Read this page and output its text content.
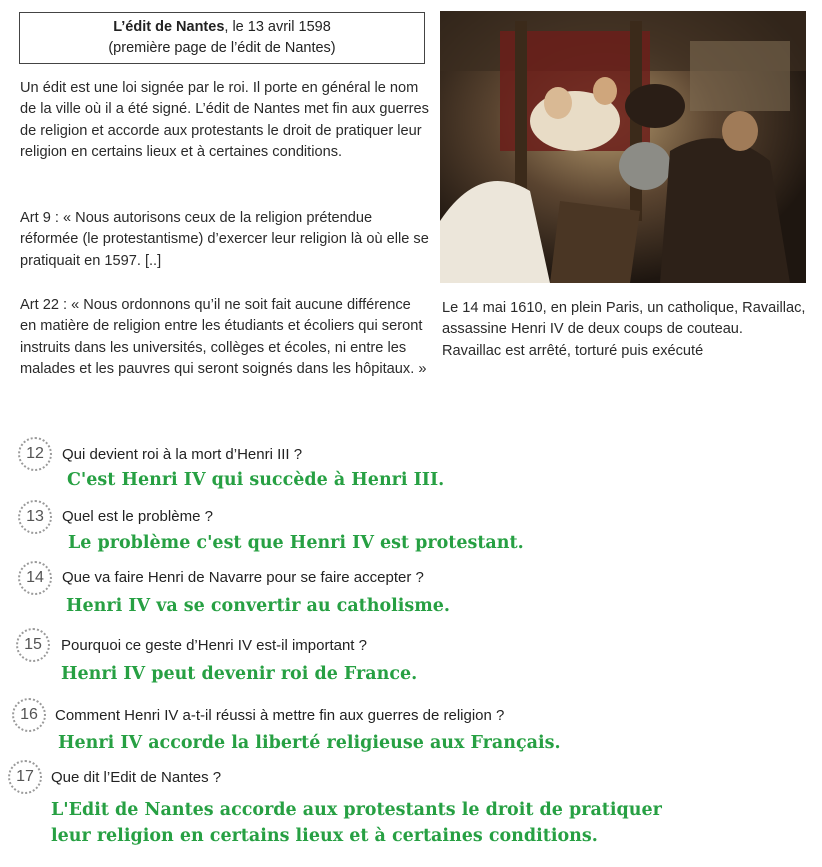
L’édit de Nantes, le 13 avril 1598
(première page de l’édit de Nantes)

Un édit est une loi signée par le roi. Il porte en général le nom de la ville où il a été signé. L’édit de Nantes met fin aux guerres de religion et accorde aux protestants le droit de pratiquer leur religion en certains lieux et à certaines conditions.

Art 9 : « Nous autorisons ceux de la religion prétendue réformée (le protestantisme) d’exercer leur religion là où elle se pratiquait en 1597. [..]

Art 22 : « Nous ordonnons qu’il ne soit fait aucune différence en matière de religion entre les étudiants et écoliers qui seront instruits dans les universités, collèges et écoles, ni entre les malades et les pauvres qui seront soignés dans les hôpitaux. »

Le 14 mai 1610, en plein Paris, un catholique, Ravaillac, assassine Henri IV de deux coups de couteau.
Ravaillac est arrêté, torturé puis exécuté

12	Qui devient roi à la mort d’Henri III ?

C'est Henri IV qui succède à Henri III.

13	Quel est le problème ?

Le problème c'est que Henri IV est protestant.

14	Que va faire Henri de Navarre pour se faire accepter ?

Henri IV va se convertir au catholisme.

15	Pourquoi ce geste d’Henri IV est-il important ?

Henri IV peut devenir roi de France.

16	Comment Henri IV a-t-il réussi à mettre fin aux guerres de religion ?

Henri IV accorde la liberté religieuse aux Français.

17	Que dit l’Edit de Nantes ?

L'Edit de Nantes accorde aux protestants le droit de pratiquer

leur religion en certains lieux et à certaines conditions.
